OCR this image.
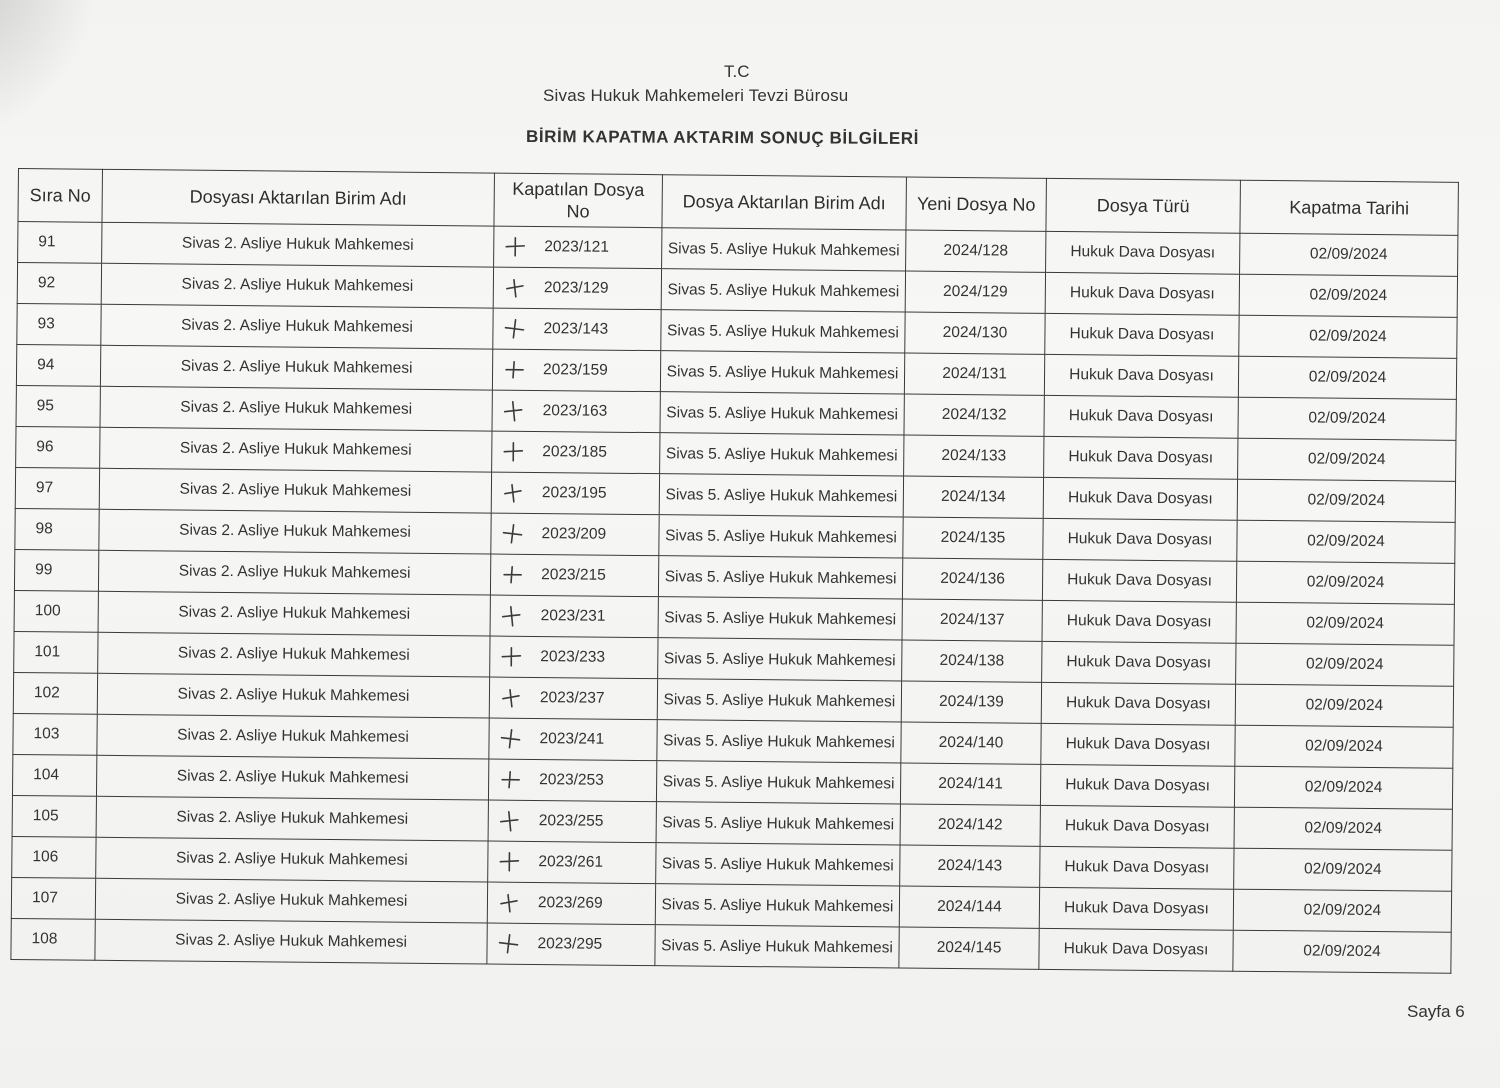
T.C
Sivas Hukuk Mahkemeleri Tevzi Bürosu
BİRİM KAPATMA AKTARIM SONUÇ BİLGİLERİ
Sıra No	Dosyası Aktarılan Birim Adı	Kapatılan Dosya No	Dosya Aktarılan Birim Adı	Yeni Dosya No	Dosya Türü	Kapatma Tarihi
91	Sivas 2. Asliye Hukuk Mahkemesi	2023/121	Sivas 5. Asliye Hukuk Mahkemesi	2024/128	Hukuk Dava Dosyası	02/09/2024
92	Sivas 2. Asliye Hukuk Mahkemesi	2023/129	Sivas 5. Asliye Hukuk Mahkemesi	2024/129	Hukuk Dava Dosyası	02/09/2024
93	Sivas 2. Asliye Hukuk Mahkemesi	2023/143	Sivas 5. Asliye Hukuk Mahkemesi	2024/130	Hukuk Dava Dosyası	02/09/2024
94	Sivas 2. Asliye Hukuk Mahkemesi	2023/159	Sivas 5. Asliye Hukuk Mahkemesi	2024/131	Hukuk Dava Dosyası	02/09/2024
95	Sivas 2. Asliye Hukuk Mahkemesi	2023/163	Sivas 5. Asliye Hukuk Mahkemesi	2024/132	Hukuk Dava Dosyası	02/09/2024
96	Sivas 2. Asliye Hukuk Mahkemesi	2023/185	Sivas 5. Asliye Hukuk Mahkemesi	2024/133	Hukuk Dava Dosyası	02/09/2024
97	Sivas 2. Asliye Hukuk Mahkemesi	2023/195	Sivas 5. Asliye Hukuk Mahkemesi	2024/134	Hukuk Dava Dosyası	02/09/2024
98	Sivas 2. Asliye Hukuk Mahkemesi	2023/209	Sivas 5. Asliye Hukuk Mahkemesi	2024/135	Hukuk Dava Dosyası	02/09/2024
99	Sivas 2. Asliye Hukuk Mahkemesi	2023/215	Sivas 5. Asliye Hukuk Mahkemesi	2024/136	Hukuk Dava Dosyası	02/09/2024
100	Sivas 2. Asliye Hukuk Mahkemesi	2023/231	Sivas 5. Asliye Hukuk Mahkemesi	2024/137	Hukuk Dava Dosyası	02/09/2024
101	Sivas 2. Asliye Hukuk Mahkemesi	2023/233	Sivas 5. Asliye Hukuk Mahkemesi	2024/138	Hukuk Dava Dosyası	02/09/2024
102	Sivas 2. Asliye Hukuk Mahkemesi	2023/237	Sivas 5. Asliye Hukuk Mahkemesi	2024/139	Hukuk Dava Dosyası	02/09/2024
103	Sivas 2. Asliye Hukuk Mahkemesi	2023/241	Sivas 5. Asliye Hukuk Mahkemesi	2024/140	Hukuk Dava Dosyası	02/09/2024
104	Sivas 2. Asliye Hukuk Mahkemesi	2023/253	Sivas 5. Asliye Hukuk Mahkemesi	2024/141	Hukuk Dava Dosyası	02/09/2024
105	Sivas 2. Asliye Hukuk Mahkemesi	2023/255	Sivas 5. Asliye Hukuk Mahkemesi	2024/142	Hukuk Dava Dosyası	02/09/2024
106	Sivas 2. Asliye Hukuk Mahkemesi	2023/261	Sivas 5. Asliye Hukuk Mahkemesi	2024/143	Hukuk Dava Dosyası	02/09/2024
107	Sivas 2. Asliye Hukuk Mahkemesi	2023/269	Sivas 5. Asliye Hukuk Mahkemesi	2024/144	Hukuk Dava Dosyası	02/09/2024
108	Sivas 2. Asliye Hukuk Mahkemesi	2023/295	Sivas 5. Asliye Hukuk Mahkemesi	2024/145	Hukuk Dava Dosyası	02/09/2024
Sayfa 6
